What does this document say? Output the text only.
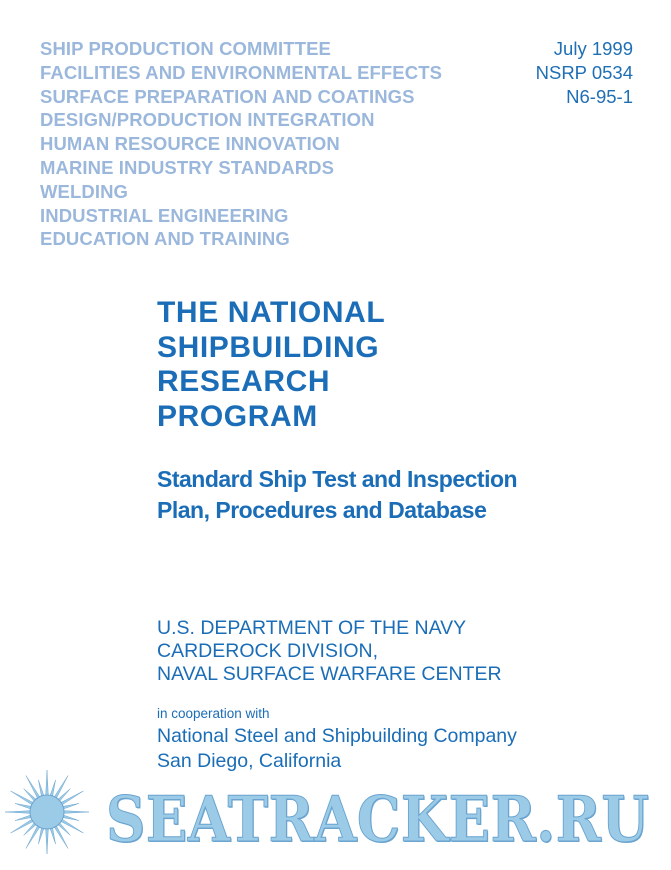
SHIP PRODUCTION COMMITTEE
FACILITIES AND ENVIRONMENTAL EFFECTS
SURFACE PREPARATION AND COATINGS
DESIGN/PRODUCTION INTEGRATION
HUMAN RESOURCE INNOVATION
MARINE INDUSTRY STANDARDS
WELDING
INDUSTRIAL ENGINEERING
EDUCATION AND TRAINING
July 1999
NSRP 0534
N6-95-1
THE NATIONAL
SHIPBUILDING
RESEARCH
PROGRAM
Standard Ship Test and Inspection
Plan, Procedures and Database
U.S. DEPARTMENT OF THE NAVY
CARDEROCK DIVISION,
NAVAL SURFACE WARFARE CENTER
in cooperation with
National Steel and Shipbuilding Company
San Diego, California
SEATRACKER.RU
